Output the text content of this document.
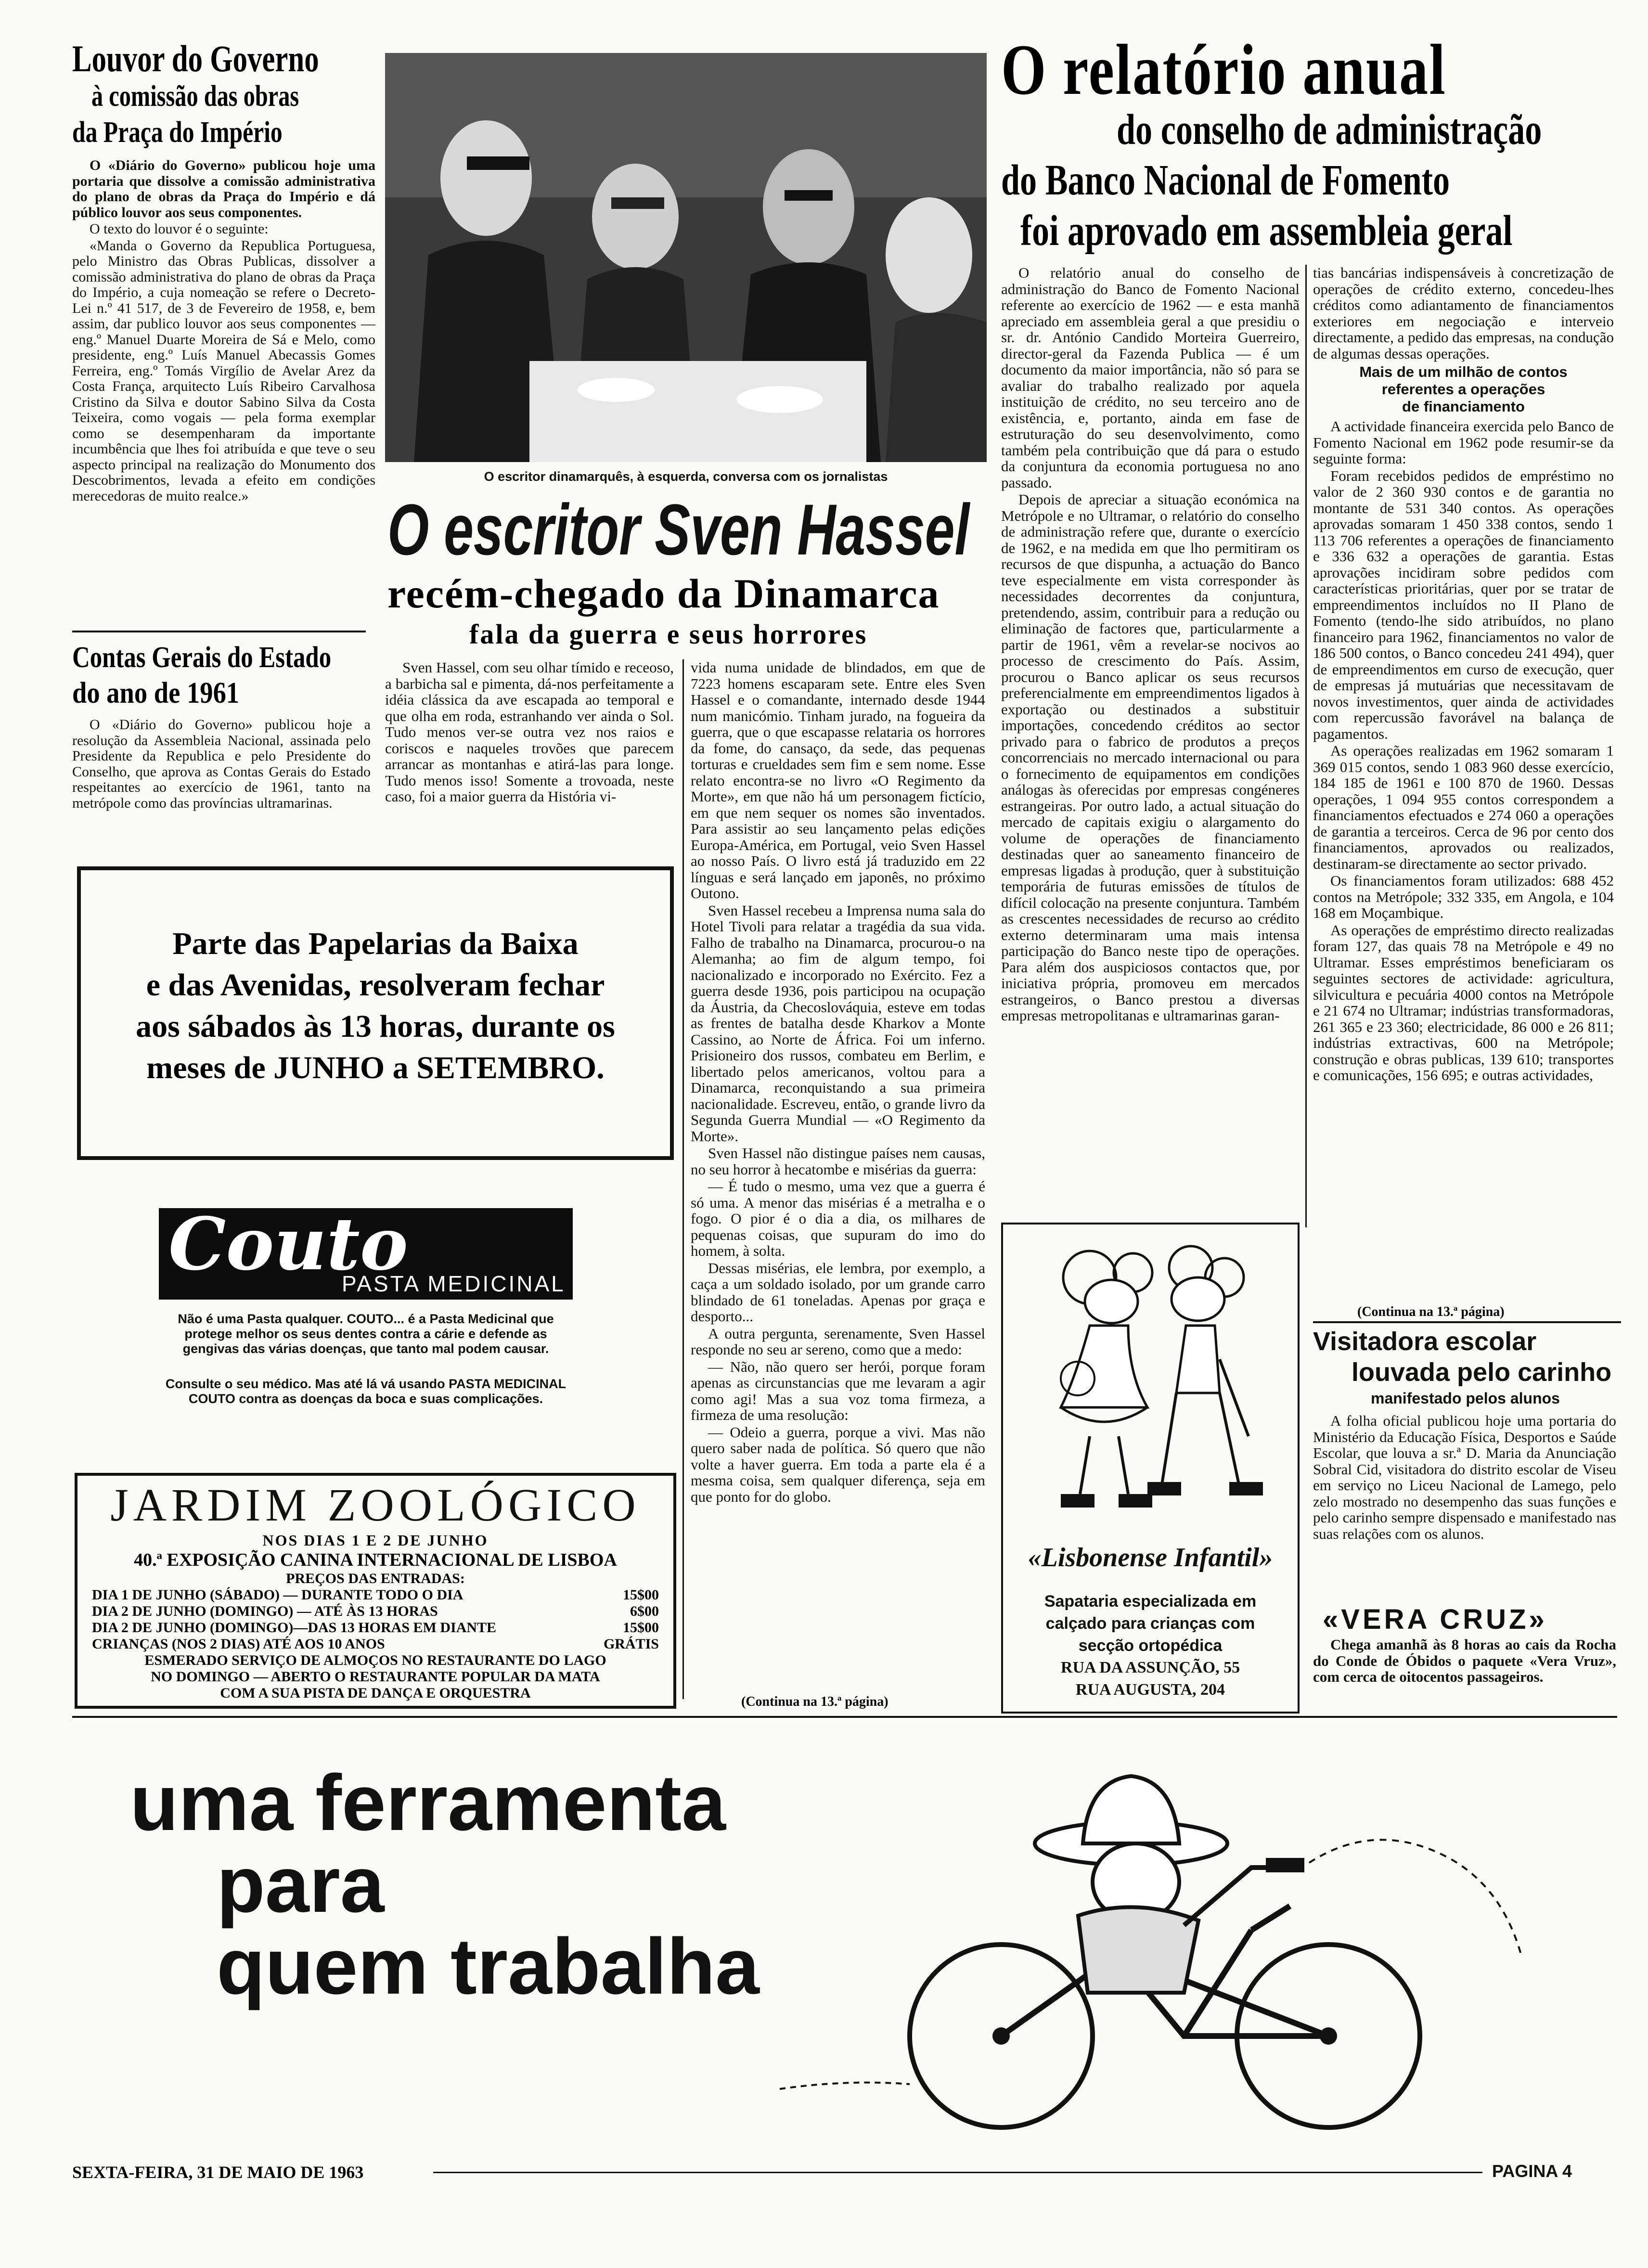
Louvor do Governo
à comissão das obras
da Praça do Império

O «Diário do Governo» publicou hoje uma portaria que dissolve a comissão administrativa do plano de obras da Praça do Império e dá público louvor aos seus componentes.

O texto do louvor é o seguinte:

«Manda o Governo da Republica Portuguesa, pelo Ministro das Obras Publicas, dissolver a comissão administrativa do plano de obras da Praça do Império, a cuja nomeação se refere o Decreto-Lei n.º 41 517, de 3 de Fevereiro de 1958, e, bem assim, dar publico louvor aos seus componentes — eng.º Manuel Duarte Moreira de Sá e Melo, como presidente, eng.º Luís Manuel Abecassis Gomes Ferreira, eng.º Tomás Virgílio de Avelar Arez da Costa França, arquitecto Luís Ribeiro Carvalhosa Cristino da Silva e doutor Sabino Silva da Costa Teixeira, como vogais — pela forma exemplar como se desempenharam da importante incumbência que lhes foi atribuída e que teve o seu aspecto principal na realização do Monumento dos Descobrimentos, levada a efeito em condições merecedoras de muito realce.»

Contas Gerais do Estado
do ano de 1961

O «Diário do Governo» publicou hoje a resolução da Assembleia Nacional, assinada pelo Presidente da Republica e pelo Presidente do Conselho, que aprova as Contas Gerais do Estado respeitantes ao exercício de 1961, tanto na metrópole como das províncias ultramarinas.

Parte das Papelarias da Baixa
e das Avenidas, resolveram fechar
aos sábados às 13 horas, durante os
meses de JUNHO a SETEMBRO.
Couto
PASTA MEDICINAL
Não é uma Pasta qualquer. COUTO... é a Pasta Medicinal que protege melhor os seus dentes contra a cárie e defende as gengivas das várias doenças, que tanto mal podem causar.
Consulte o seu médico. Mas até lá vá usando PASTA MEDICINAL COUTO contra as doenças da boca e suas complicações.
JARDIM ZOOLÓGICO
NOS DIAS 1 E 2 DE JUNHO
40.ª EXPOSIÇÃO CANINA INTERNACIONAL DE LISBOA
PREÇOS DAS ENTRADAS:
DIA 1 DE JUNHO (SÁBADO) — DURANTE TODO O DIA	15$00
DIA 2 DE JUNHO (DOMINGO) — ATÉ ÀS 13 HORAS	6$00
DIA 2 DE JUNHO (DOMINGO)—DAS 13 HORAS EM DIANTE	15$00
CRIANÇAS (NOS 2 DIAS) ATÉ AOS 10 ANOS	GRÁTIS
ESMERADO SERVIÇO DE ALMOÇOS NO RESTAURANTE DO LAGO
NO DOMINGO — ABERTO O RESTAURANTE POPULAR DA MATA
COM A SUA PISTA DE DANÇA E ORQUESTRA
O escritor dinamarquês, à esquerda, conversa com os jornalistas
O escritor Sven Hassel
recém-chegado da Dinamarca
fala da guerra e seus horrores

Sven Hassel, com seu olhar tímido e receoso, a barbicha sal e pimenta, dá-nos perfeitamente a idéia clássica da ave escapada ao temporal e que olha em roda, estranhando ver ainda o Sol. Tudo menos ver-se outra vez nos raios e coriscos e naqueles trovões que parecem arrancar as montanhas e atirá-las para longe. Tudo menos isso! Somente a trovoada, neste caso, foi a maior guerra da História vi-

vida numa unidade de blindados, em que de 7223 homens escaparam sete. Entre eles Sven Hassel e o comandante, internado desde 1944 num manicómio. Tinham jurado, na fogueira da guerra, que o que escapasse relataria os horrores da fome, do cansaço, da sede, das pequenas torturas e crueldades sem fim e sem nome. Esse relato encontra-se no livro «O Regimento da Morte», em que não há um personagem fictício, em que nem sequer os nomes são inventados. Para assistir ao seu lançamento pelas edições Europa-América, em Portugal, veio Sven Hassel ao nosso País. O livro está já traduzido em 22 línguas e será lançado em japonês, no próximo Outono.

Sven Hassel recebeu a Imprensa numa sala do Hotel Tivoli para relatar a tragédia da sua vida. Falho de trabalho na Dinamarca, procurou-o na Alemanha; ao fim de algum tempo, foi nacionalizado e incorporado no Exército. Fez a guerra desde 1936, pois participou na ocupação da Áustria, da Checoslováquia, esteve em todas as frentes de batalha desde Kharkov a Monte Cassino, ao Norte de África. Foi um inferno. Prisioneiro dos russos, combateu em Berlim, e libertado pelos americanos, voltou para a Dinamarca, reconquistando a sua primeira nacionalidade. Escreveu, então, o grande livro da Segunda Guerra Mundial — «O Regimento da Morte».

Sven Hassel não distingue países nem causas, no seu horror à hecatombe e misérias da guerra:

— É tudo o mesmo, uma vez que a guerra é só uma. A menor das misérias é a metralha e o fogo. O pior é o dia a dia, os milhares de pequenas coisas, que supuram do imo do homem, à solta.

Dessas misérias, ele lembra, por exemplo, a caça a um soldado isolado, por um grande carro blindado de 61 toneladas. Apenas por graça e desporto...

A outra pergunta, serenamente, Sven Hassel responde no seu ar sereno, como que a medo:

— Não, não quero ser herói, porque foram apenas as circunstancias que me levaram a agir como agi! Mas a sua voz toma firmeza, a firmeza de uma resolução:

— Odeio a guerra, porque a vivi. Mas não quero saber nada de política. Só quero que não volte a haver guerra. Em toda a parte ela é a mesma coisa, sem qualquer diferença, seja em que ponto for do globo.

(Continua na 13.ª página)
O relatório anual
do conselho de administração
do Banco Nacional de Fomento
foi aprovado em assembleia geral

O relatório anual do conselho de administração do Banco de Fomento Nacional referente ao exercício de 1962 — e esta manhã apreciado em assembleia geral a que presidiu o sr. dr. António Candido Morteira Guerreiro, director-geral da Fazenda Publica — é um documento da maior importância, não só para se avaliar do trabalho realizado por aquela instituição de crédito, no seu terceiro ano de existência, e, portanto, ainda em fase de estruturação do seu desenvolvimento, como também pela contribuição que dá para o estudo da conjuntura da economia portuguesa no ano passado.

Depois de apreciar a situação económica na Metrópole e no Ultramar, o relatório do conselho de administração refere que, durante o exercício de 1962, e na medida em que lho permitiram os recursos de que dispunha, a actuação do Banco teve especialmente em vista corresponder às necessidades decorrentes da conjuntura, pretendendo, assim, contribuir para a redução ou eliminação de factores que, particularmente a partir de 1961, vêm a revelar-se nocivos ao processo de crescimento do País. Assim, procurou o Banco aplicar os seus recursos preferencialmente em empreendimentos ligados à exportação ou destinados a substituir importações, concedendo créditos ao sector privado para o fabrico de produtos a preços concorrenciais no mercado internacional ou para o fornecimento de equipamentos em condições análogas às oferecidas por empresas congéneres estrangeiras. Por outro lado, a actual situação do mercado de capitais exigiu o alargamento do volume de operações de financiamento destinadas quer ao saneamento financeiro de empresas ligadas à produção, quer à substituição temporária de futuras emissões de títulos de difícil colocação na presente conjuntura. Também as crescentes necessidades de recurso ao crédito externo determinaram uma mais intensa participação do Banco neste tipo de operações. Para além dos auspiciosos contactos que, por iniciativa própria, promoveu em mercados estrangeiros, o Banco prestou a diversas empresas metropolitanas e ultramarinas garan-

tias bancárias indispensáveis à concretização de operações de crédito externo, concedeu-lhes créditos como adiantamento de financiamentos exteriores em negociação e interveio directamente, a pedido das empresas, na condução de algumas dessas operações.

Mais de um milhão de contos
referentes a operações
de financiamento

A actividade financeira exercida pelo Banco de Fomento Nacional em 1962 pode resumir-se da seguinte forma:

Foram recebidos pedidos de empréstimo no valor de 2 360 930 contos e de garantia no montante de 531 340 contos. As operações aprovadas somaram 1 450 338 contos, sendo 1 113 706 referentes a operações de financiamento e 336 632 a operações de garantia. Estas aprovações incidiram sobre pedidos com características prioritárias, quer por se tratar de empreendimentos incluídos no II Plano de Fomento (tendo-lhe sido atribuídos, no plano financeiro para 1962, financiamentos no valor de 186 500 contos, o Banco concedeu 241 494), quer de empreendimentos em curso de execução, quer de empresas já mutuárias que necessitavam de novos investimentos, quer ainda de actividades com repercussão favorável na balança de pagamentos.

As operações realizadas em 1962 somaram 1 369 015 contos, sendo 1 083 960 desse exercício, 184 185 de 1961 e 100 870 de 1960. Dessas operações, 1 094 955 contos correspondem a financiamentos efectuados e 274 060 a operações de garantia a terceiros. Cerca de 96 por cento dos financiamentos, aprovados ou realizados, destinaram-se directamente ao sector privado.

Os financiamentos foram utilizados: 688 452 contos na Metrópole; 332 335, em Angola, e 104 168 em Moçambique.

As operações de empréstimo directo realizadas foram 127, das quais 78 na Metrópole e 49 no Ultramar. Esses empréstimos beneficiaram os seguintes sectores de actividade: agricultura, silvicultura e pecuária 4000 contos na Metrópole e 21 674 no Ultramar; indústrias transformadoras, 261 365 e 23 360; electricidade, 86 000 e 26 811; indústrias extractivas, 600 na Metrópole; construção e obras publicas, 139 610; transportes e comunicações, 156 695; e outras actividades,

(Continua na 13.ª página)
«Lisbonense Infantil»
Sapataria especializada em
calçado para crianças com
secção ortopédica
RUA DA ASSUNÇÃO, 55
RUA AUGUSTA, 204
Visitadora escolar
louvada pelo carinho
manifestado pelos alunos

A folha oficial publicou hoje uma portaria do Ministério da Educação Física, Desportos e Saúde Escolar, que louva a sr.ª D. Maria da Anunciação Sobral Cid, visitadora do distrito escolar de Viseu em serviço no Liceu Nacional de Lamego, pelo zelo mostrado no desempenho das suas funções e pelo carinho sempre dispensado e manifestado nas suas relações com os alunos.

«VERA CRUZ»

Chega amanhã às 8 horas ao cais da Rocha do Conde de Óbidos o paquete «Vera Vruz», com cerca de oitocentos passageiros.

uma ferramenta
para
quem trabalha
SEXTA-FEIRA, 31 DE MAIO DE 1963	PAGINA 4
